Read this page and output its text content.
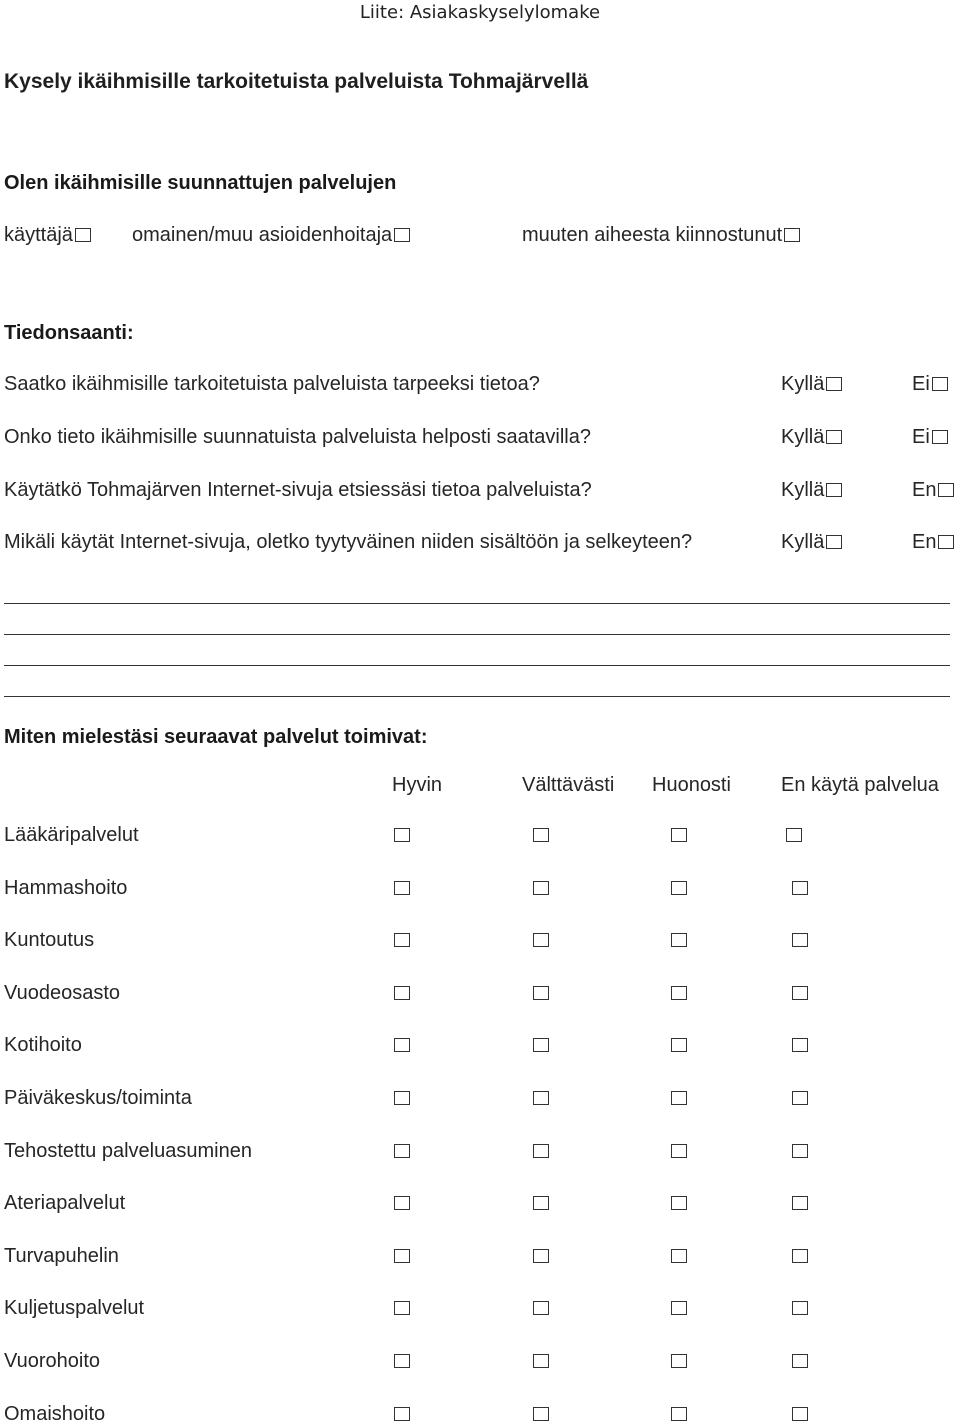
Liite: Asiakaskyselylomake
Kysely ikäihmisille tarkoitetuista palveluista Tohmajärvellä
Olen ikäihmisille suunnattujen palvelujen
käyttäjä	omainen/muu asioidenhoitaja	muuten aiheesta kiinnostunut
Tiedonsaanti:
Saatko ikäihmisille tarkoitetuista palveluista tarpeeksi tietoa?	Kyllä	Ei
Onko tieto ikäihmisille suunnatuista palveluista helposti saatavilla?	Kyllä	Ei
Käytätkö Tohmajärven Internet-sivuja etsiessäsi tietoa palveluista?	Kyllä	En
Mikäli käytät Internet-sivuja, oletko tyytyväinen niiden sisältöön ja selkeyteen?	Kyllä	En
Miten mielestäsi seuraavat palvelut toimivat:
Hyvin	Välttävästi Huonosti	En käytä palvelua
Lääkäripalvelut
Hammashoito
Kuntoutus
Vuodeosasto
Kotihoito
Päiväkeskus/toiminta
Tehostettu palveluasuminen
Ateriapalvelut
Turvapuhelin
Kuljetuspalvelut
Vuorohoito
Omaishoito
